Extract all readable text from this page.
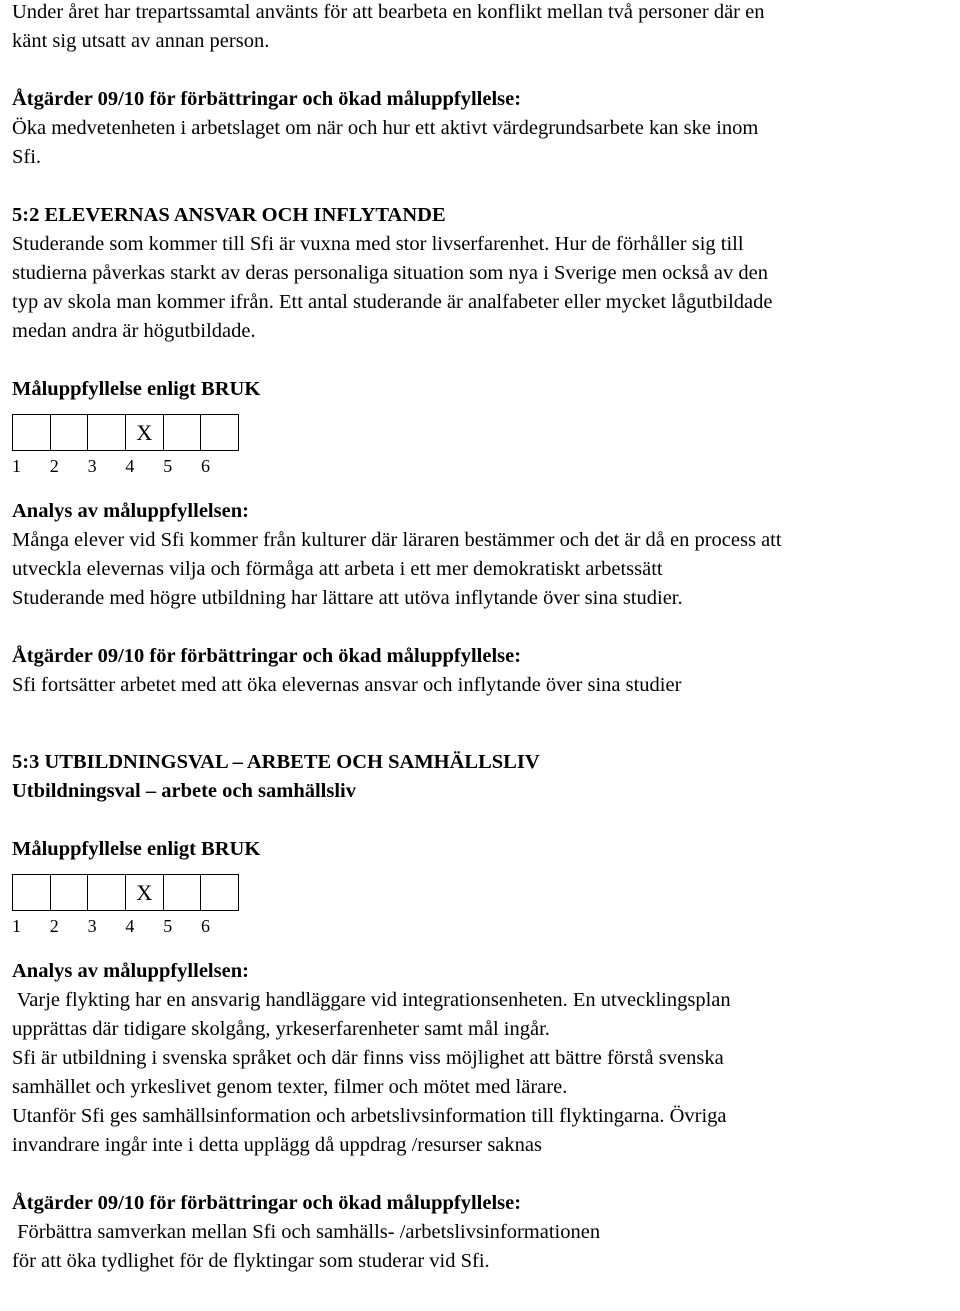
Under året har trepartssamtal använts för att bearbeta en konflikt mellan två personer där en

känt sig utsatt av annan person.

Åtgärder 09/10 för förbättringar och ökad måluppfyllelse:

Öka medvetenheten i arbetslaget om när och hur ett aktivt värdegrundsarbete kan ske inom

Sfi.

5:2 ELEVERNAS ANSVAR OCH INFLYTANDE

Studerande som kommer till Sfi är vuxna med stor livserfarenhet. Hur de förhåller sig till

studierna påverkas starkt av deras personaliga situation som nya i Sverige men också av den

typ av skola man kommer ifrån. Ett antal studerande är analfabeter eller mycket lågutbildade

medan andra är högutbildade.

Måluppfyllelse enligt BRUK
X
1	2	3	4	5	6
Analys av måluppfyllelsen:

Många elever vid Sfi kommer från kulturer där läraren bestämmer och det är då en process att

utveckla elevernas vilja och förmåga att arbeta i ett mer demokratiskt arbetssätt

Studerande med högre utbildning har lättare att utöva inflytande över sina studier.

Åtgärder 09/10 för förbättringar och ökad måluppfyllelse:

Sfi fortsätter arbetet med att öka elevernas ansvar och inflytande över sina studier

5:3 UTBILDNINGSVAL – ARBETE OCH SAMHÄLLSLIV
Utbildningsval – arbete och samhällsliv
Måluppfyllelse enligt BRUK
X
1	2	3	4	5	6
Analys av måluppfyllelsen:

Varje flykting har en ansvarig handläggare vid integrationsenheten. En utvecklingsplan

upprättas där tidigare skolgång, yrkeserfarenheter samt mål ingår.

Sfi är utbildning i svenska språket och där finns viss möjlighet att bättre förstå svenska

samhället och yrkeslivet genom texter, filmer och mötet med lärare.

Utanför Sfi ges samhällsinformation och arbetslivsinformation till flyktingarna. Övriga

invandrare ingår inte i detta upplägg då uppdrag /resurser saknas

Åtgärder 09/10 för förbättringar och ökad måluppfyllelse:

Förbättra samverkan mellan Sfi och samhälls- /arbetslivsinformationen

för att öka tydlighet för de flyktingar som studerar vid Sfi.
